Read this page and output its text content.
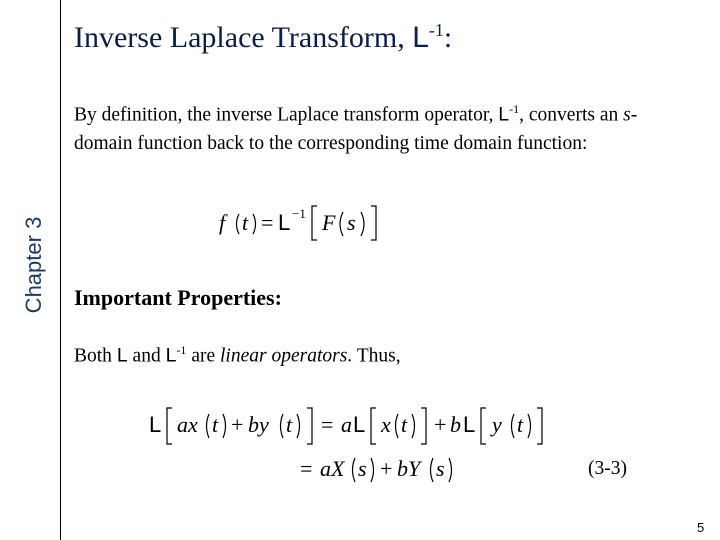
Chapter 3
Inverse Laplace Transform, $L^{-1}$:
By definition, the inverse Laplace transform operator, $L^{-1}$, converts an s-domain function back to the corresponding time domain function:
f t = L −1 F s
Important Properties:
Both L and $L^{-1}$ are linear operators. Thus,
L ax t + by t = a L x t + b L y t
= aX s + bY s	(3-3)
5
